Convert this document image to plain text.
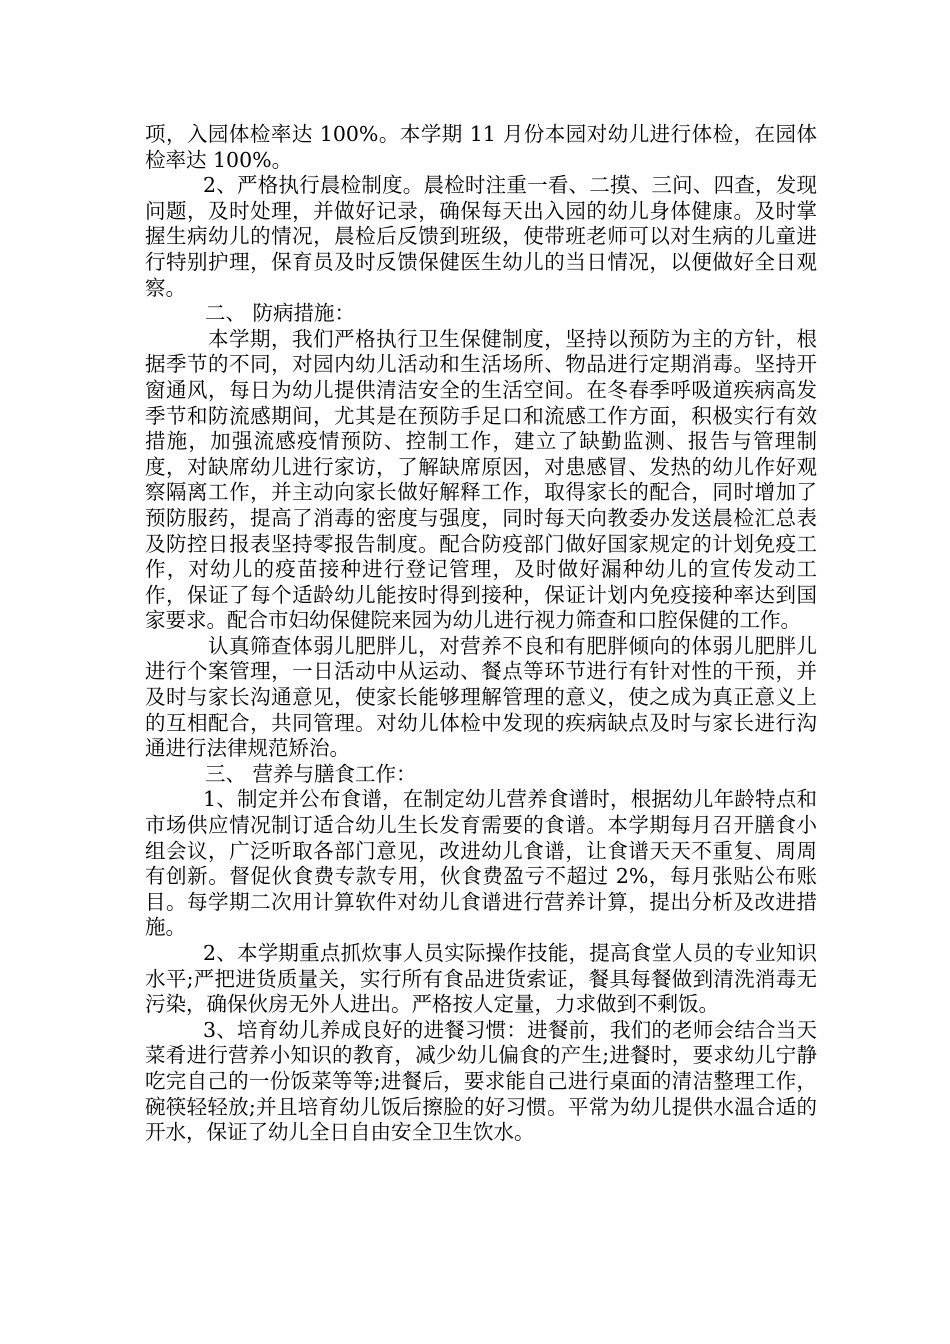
项，入园体检率达 100%。本学期 11 月份本园对幼儿进行体检，在园体检率达 100%。

2、严格执行晨检制度。晨检时注重一看、二摸、三问、四查，发现问题，及时处理，并做好记录，确保每天出入园的幼儿身体健康。及时掌握生病幼儿的情况，晨检后反馈到班级，使带班老师可以对生病的儿童进行特别护理，保育员及时反馈保健医生幼儿的当日情况，以便做好全日观察。

二、 防病措施：

本学期，我们严格执行卫生保健制度，坚持以预防为主的方针，根据季节的不同，对园内幼儿活动和生活场所、物品进行定期消毒。坚持开窗通风，每日为幼儿提供清洁安全的生活空间。在冬春季呼吸道疾病高发季节和防流感期间，尤其是在预防手足口和流感工作方面，积极实行有效措施，加强流感疫情预防、控制工作，建立了缺勤监测、报告与管理制度，对缺席幼儿进行家访，了解缺席原因，对患感冒、发热的幼儿作好观察隔离工作，并主动向家长做好解释工作，取得家长的配合，同时增加了预防服药，提高了消毒的密度与强度，同时每天向教委办发送晨检汇总表及防控日报表坚持零报告制度。配合防疫部门做好国家规定的计划免疫工作，对幼儿的疫苗接种进行登记管理，及时做好漏种幼儿的宣传发动工作，保证了每个适龄幼儿能按时得到接种，保证计划内免疫接种率达到国家要求。配合市妇幼保健院来园为幼儿进行视力筛查和口腔保健的工作。

认真筛查体弱儿肥胖儿，对营养不良和有肥胖倾向的体弱儿肥胖儿进行个案管理，一日活动中从运动、餐点等环节进行有针对性的干预，并及时与家长沟通意见，使家长能够理解管理的意义，使之成为真正意义上的互相配合，共同管理。对幼儿体检中发现的疾病缺点及时与家长进行沟通进行法律规范矫治。

三、 营养与膳食工作：

1、制定并公布食谱，在制定幼儿营养食谱时，根据幼儿年龄特点和市场供应情况制订适合幼儿生长发育需要的食谱。本学期每月召开膳食小组会议，广泛听取各部门意见，改进幼儿食谱，让食谱天天不重复、周周有创新。督促伙食费专款专用，伙食费盈亏不超过 2%，每月张贴公布账目。每学期二次用计算软件对幼儿食谱进行营养计算，提出分析及改进措施。

2、本学期重点抓炊事人员实际操作技能，提高食堂人员的专业知识水平;严把进货质量关，实行所有食品进货索证，餐具每餐做到清洗消毒无污染，确保伙房无外人进出。严格按人定量，力求做到不剩饭。

3、培育幼儿养成良好的进餐习惯：进餐前，我们的老师会结合当天菜肴进行营养小知识的教育，减少幼儿偏食的产生;进餐时，要求幼儿宁静吃完自己的一份饭菜等等;进餐后，要求能自己进行桌面的清洁整理工作，碗筷轻轻放;并且培育幼儿饭后擦脸的好习惯。平常为幼儿提供水温合适的开水，保证了幼儿全日自由安全卫生饮水。
